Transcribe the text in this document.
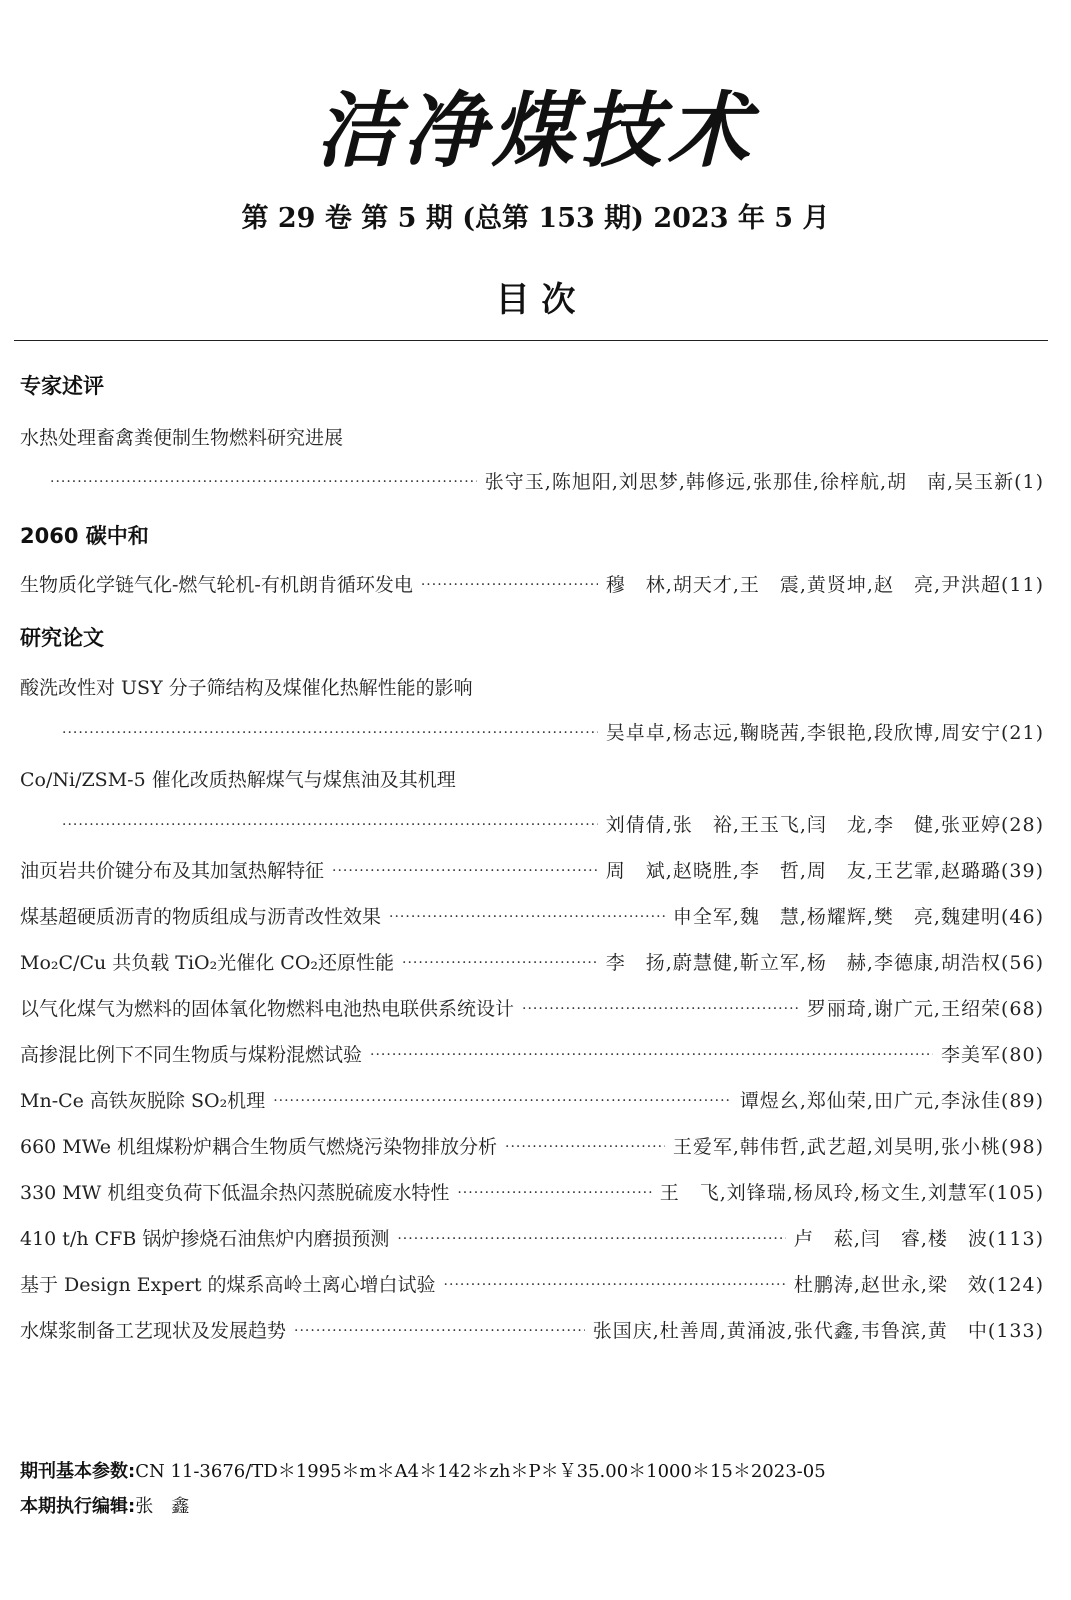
洁净煤技术
第 29 卷 第 5 期 (总第 153 期) 2023 年 5 月
目 次
专家述评
水热处理畜禽粪便制生物燃料研究进展
·····
张守玉,陈旭阳,刘思梦,韩修远,张那佳,徐梓航,胡　南,吴玉新 (1)
2060 碳中和
生物质化学链气化-燃气轮机-有机朗肯循环发电 ·····	穆　林,胡天才,王　震,黄贤坤,赵　亮,尹洪超 (11)
研究论文
酸洗改性对 USY 分子筛结构及煤催化热解性能的影响
·····
吴卓卓,杨志远,鞠晓茜,李银艳,段欣博,周安宁 (21)
Co/Ni/ZSM-5 催化改质热解煤气与煤焦油及其机理
·····
刘倩倩,张　裕,王玉飞,闫　龙,李　健,张亚婷 (28)
油页岩共价键分布及其加氢热解特征 ·····	周　斌,赵晓胜,李　哲,周　友,王艺霏,赵璐璐 (39)
煤基超硬质沥青的物质组成与沥青改性效果 ·····	申全军,魏　慧,杨耀辉,樊　亮,魏建明 (46)
Mo₂C/Cu 共负载 TiO₂光催化 CO₂还原性能 ·····	李　扬,蔚慧健,靳立军,杨　赫,李德康,胡浩权 (56)
以气化煤气为燃料的固体氧化物燃料电池热电联供系统设计 ·····	罗丽琦,谢广元,王绍荣 (68)
高掺混比例下不同生物质与煤粉混燃试验 ·····	李美军 (80)
Mn-Ce 高铁灰脱除 SO₂机理 ·····	谭煜幺,郑仙荣,田广元,李泳佳 (89)
660 MWe 机组煤粉炉耦合生物质气燃烧污染物排放分析 ·····	王爱军,韩伟哲,武艺超,刘昊明,张小桃 (98)
330 MW 机组变负荷下低温余热闪蒸脱硫废水特性 ·····	王　飞,刘锋瑞,杨凤玲,杨文生,刘慧军 (105)
410 t/h CFB 锅炉掺烧石油焦炉内磨损预测 ·····	卢　菘,闫　睿,楼　波 (113)
基于 Design Expert 的煤系高岭土离心增白试验 ·····	杜鹏涛,赵世永,梁　效 (124)
水煤浆制备工艺现状及发展趋势 ·····	张国庆,杜善周,黄涌波,张代鑫,韦鲁滨,黄　中 (133)
期刊基本参数:CN 11-3676/TD＊1995＊m＊A4＊142＊zh＊P＊￥35.00＊1000＊15＊2023-05
本期执行编辑:张　鑫
